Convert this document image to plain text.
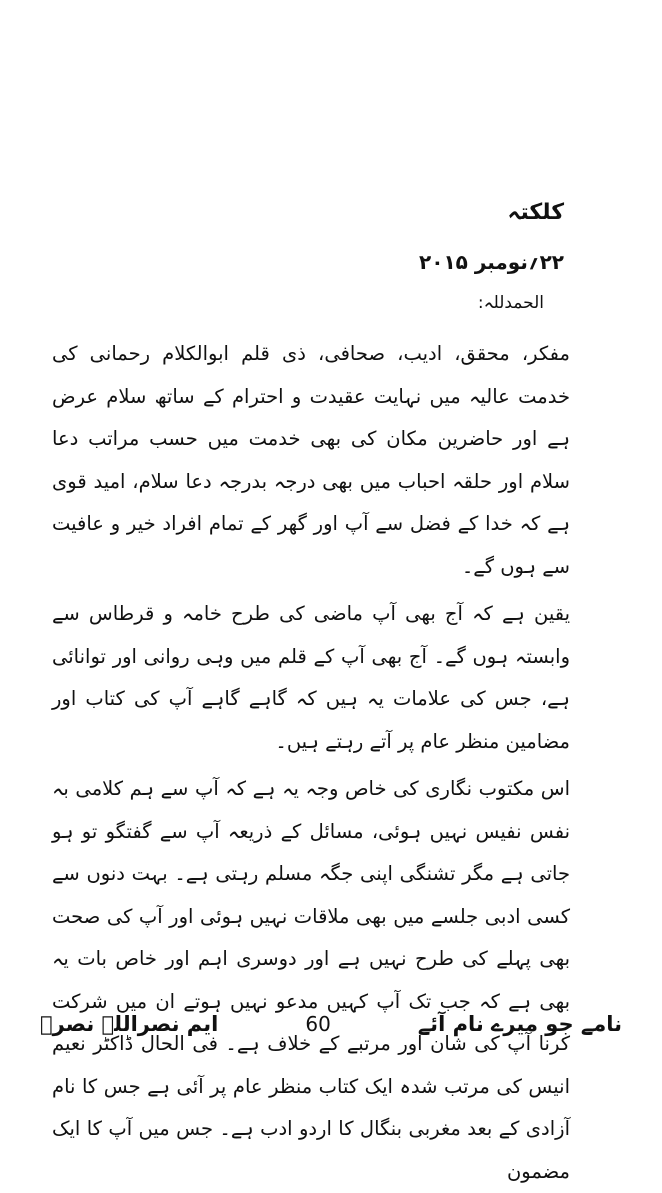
کلکتہ
۲۲؍نومبر ۲۰۱۵
الحمدللہ:

مفکر، محقق، ادیب، صحافی، ذی قلم ابوالکلام رحمانی کی خدمت عالیہ میں نہایت عقیدت و احترام کے ساتھ سلام عرض ہے اور حاضرین مکان کی بھی خدمت میں حسب مراتب دعا سلام اور حلقہ احباب میں بھی درجہ بدرجہ دعا سلام، امید قوی ہے کہ خدا کے فضل سے آپ اور گھر کے تمام افراد خیر و عافیت سے ہوں گے۔

یقین ہے کہ آج بھی آپ ماضی کی طرح خامہ و قرطاس سے وابستہ ہوں گے۔ آج بھی آپ کے قلم میں وہی روانی اور توانائی ہے، جس کی علامات یہ ہیں کہ گاہے گاہے آپ کی کتاب اور مضامین منظر عام پر آتے رہتے ہیں۔

اس مکتوب نگاری کی خاص وجہ یہ ہے کہ آپ سے ہم کلامی بہ نفس نفیس نہیں ہوئی، مسائل کے ذریعہ آپ سے گفتگو تو ہو جاتی ہے مگر تشنگی اپنی جگہ مسلم رہتی ہے۔ بہت دنوں سے کسی ادبی جلسے میں بھی ملاقات نہیں ہوئی اور آپ کی صحت بھی پہلے کی طرح نہیں ہے اور دوسری اہم اور خاص بات یہ بھی ہے کہ جب تک آپ کہیں مدعو نہیں ہوتے ان میں شرکت کرنا آپ کی شان اور مرتبے کے خلاف ہے۔ فی الحال ڈاکٹر نعیم انیس کی مرتب شدہ ایک کتاب منظر عام پر آئی ہے جس کا نام آزادی کے بعد مغربی بنگال کا اردو ادب ہے۔ جس میں آپ کا ایک مضمون

ایم نصراللہ نصرؔ	60	نامے جو میرے نام آئے
